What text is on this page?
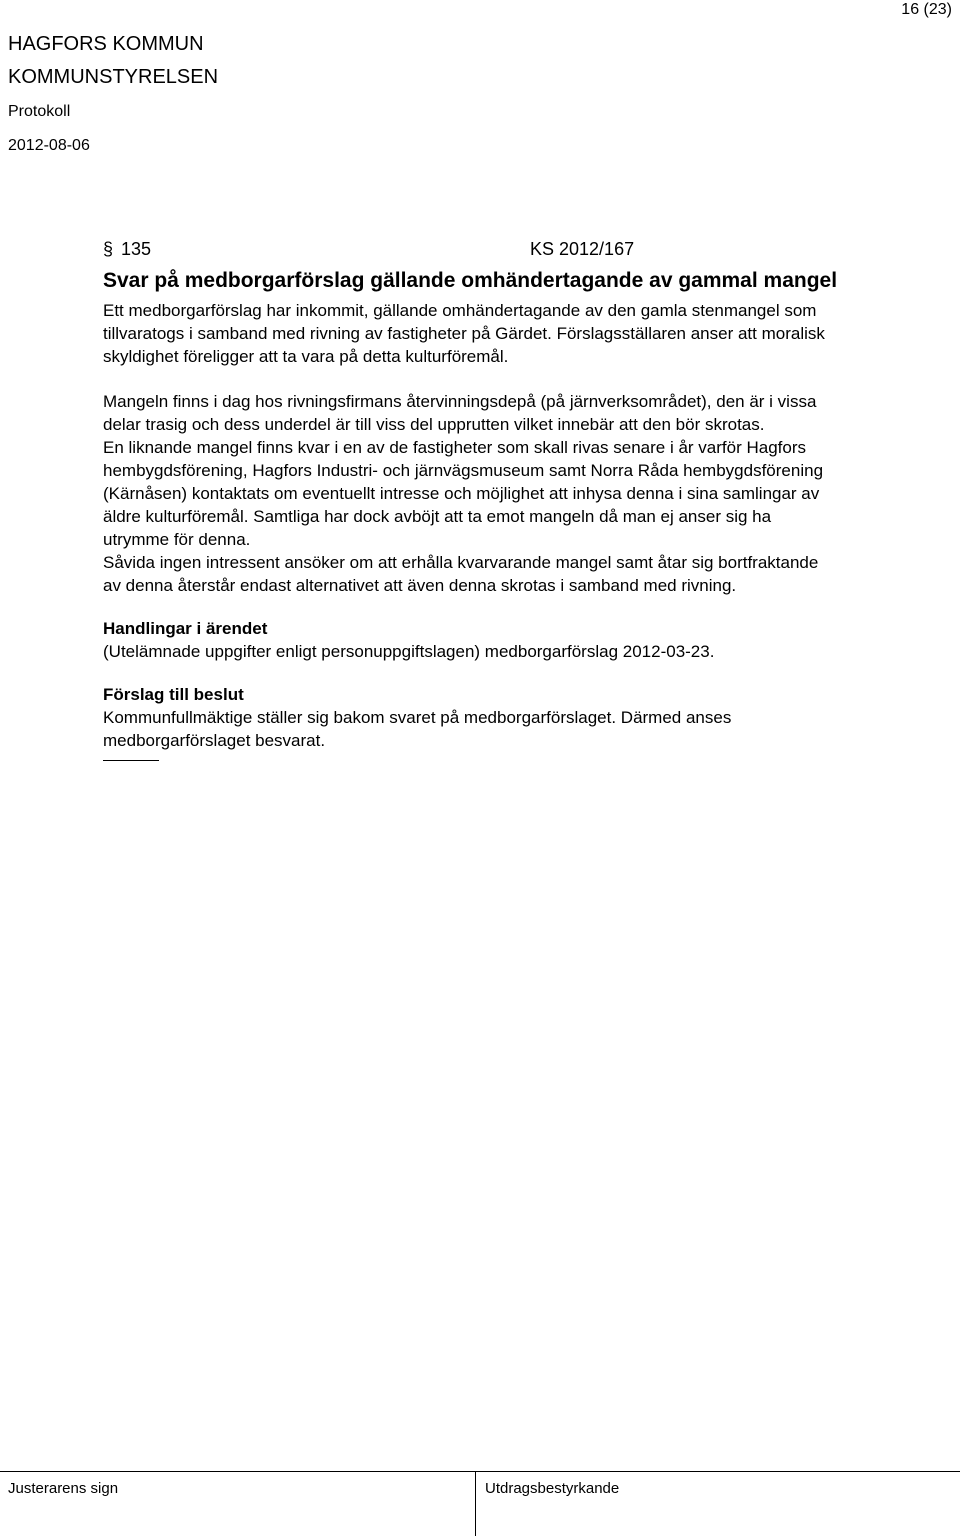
16 (23)
HAGFORS KOMMUN
KOMMUNSTYRELSEN
Protokoll
2012-08-06
§ 135	KS 2012/167
Svar på medborgarförslag gällande omhändertagande av gammal mangel

Ett medborgarförslag har inkommit, gällande omhändertagande av den gamla stenmangel som

tillvaratogs i samband med rivning av fastigheter på Gärdet. Förslagsställaren anser att moralisk

skyldighet föreligger att ta vara på detta kulturföremål.

Mangeln finns i dag hos rivningsfirmans återvinningsdepå (på järnverksområdet), den är i vissa

delar trasig och dess underdel är till viss del upprutten vilket innebär att den bör skrotas.

En liknande mangel finns kvar i en av de fastigheter som skall rivas senare i år varför Hagfors

hembygdsförening, Hagfors Industri- och järnvägsmuseum samt Norra Råda hembygdsförening

(Kärnåsen) kontaktats om eventuellt intresse och möjlighet att inhysa denna i sina samlingar av

äldre kulturföremål. Samtliga har dock avböjt att ta emot mangeln då man ej anser sig ha

utrymme för denna.

Såvida ingen intressent ansöker om att erhålla kvarvarande mangel samt åtar sig bortfraktande

av denna återstår endast alternativet att även denna skrotas i samband med rivning.

Handlingar i ärendet

(Utelämnade uppgifter enligt personuppgiftslagen) medborgarförslag 2012-03-23.

Förslag till beslut

Kommunfullmäktige ställer sig bakom svaret på medborgarförslaget. Därmed anses

medborgarförslaget besvarat.

Justerarens sign	Utdragsbestyrkande
